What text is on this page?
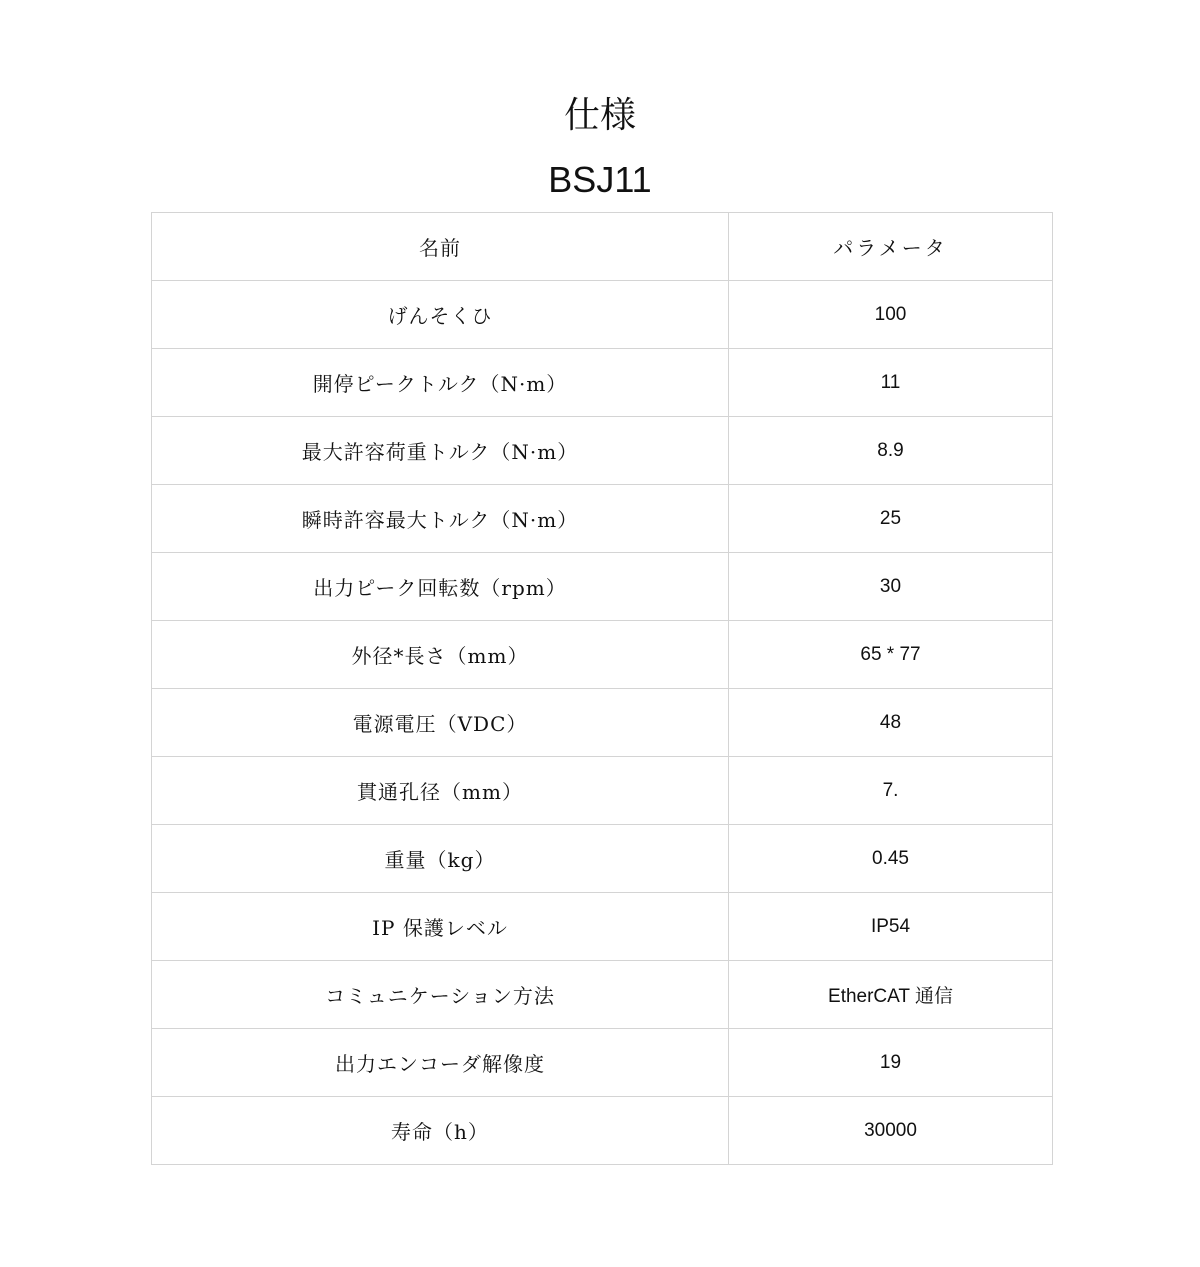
仕様
BSJ11
名前	パラメータ
げんそくひ	100
開停ピークトルク（N·m）	11
最大許容荷重トルク（N·m）	8.9
瞬時許容最大トルク（N·m）	25
出力ピーク回転数（rpm）	30
外径*長さ（mm）	65 * 77
電源電圧（VDC）	48
貫通孔径（mm）	7.
重量（kg）	0.45
IP 保護レベル	IP54
コミュニケーション方法	EtherCAT 通信
出力エンコーダ解像度	19
寿命（h）	30000
